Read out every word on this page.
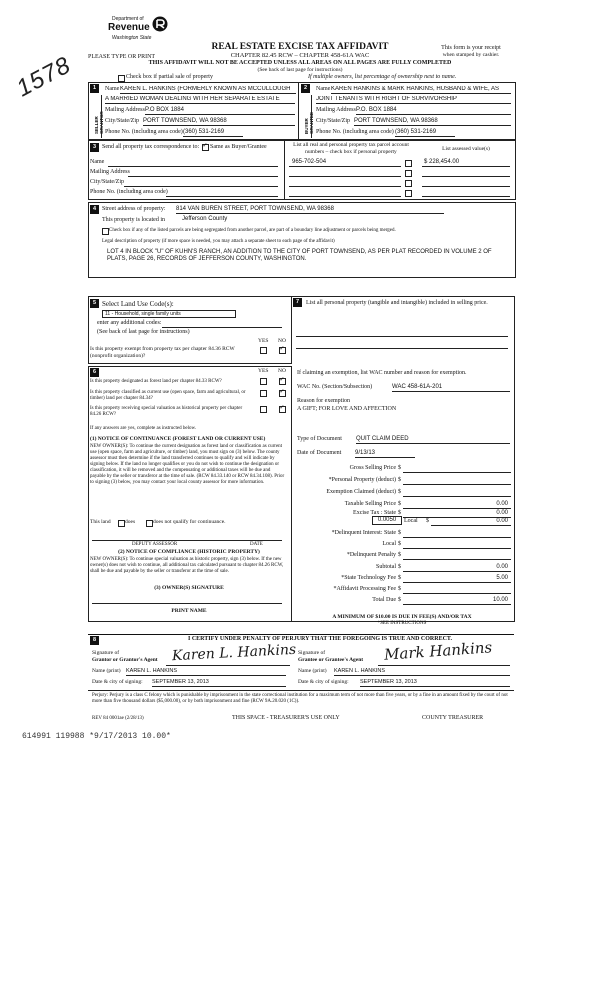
1578
Department of
Revenue
Washington State
REAL ESTATE EXCISE TAX AFFIDAVIT
CHAPTER 82.45 RCW – CHAPTER 458-61A WAC
THIS AFFIDAVIT WILL NOT BE ACCEPTED UNLESS ALL AREAS ON ALL PAGES ARE FULLY COMPLETED
(See back of last page for instructions)
This form is your receipt
when stamped by cashier.
PLEASE TYPE OR PRINT
Check box if partial sale of property	If multiple owners, list percentage of ownership next to name.
1
SELLER GRANTOR
Name KAREN L. HANKINS (FORMERLY KNOWN AS MCCULLOUGH
A MARRIED WOMAN DEALING WITH HER SEPARATE ESTATE
Mailing Address P.O BOX 1884
City/State/Zip PORT TOWNSEND, WA 98368
Phone No. (including area code) (360) 531-2169
2
BUYER GRANTEE
Name KAREN HANKINS & MARK HANKINS, HUSBAND & WIFE, AS
JOINT TENANTS WITH RIGHT OF SURVIVORSHIP
Mailing Address P.O. BOX 1884
City/State/Zip PORT TOWNSEND, WA 98368
Phone No. (including area code) (360) 531-2169
3 Send all property tax correspondence to:
✓ Same as Buyer/Grantee
Name
Mailing Address
City/State/Zip
Phone No. (including area code)
List all real and personal property tax parcel account numbers – check box if personal property	List assessed value(s)
965-702-504	$ 228,454.00
4 Street address of property: 814 VAN BUREN STREET, PORT TOWNSEND, WA 98368
This property is located in	Jefferson County
Check box if any of the listed parcels are being segregated from another parcel, are part of a boundary line adjustment or parcels being merged.
Legal description of property (if more space is needed, you may attach a separate sheet to each page of the affidavit)
LOT 4 IN BLOCK "U" OF KUHN'S RANCH, AN ADDITION TO THE CITY OF PORT TOWNSEND, AS PER PLAT RECORDED IN VOLUME 2 OF PLATS, PAGE 26, RECORDS OF JEFFERSON COUNTY, WASHINGTON.
5 Select Land Use Code(s):
11 - Household, single family units
enter any additional codes:
(See back of last page for instructions)
YES NO
Is this property exempt from property tax per chapter 84.36 RCW (nonprofit organization)?
✓
6	YES NO
Is this property designated as forest land per chapter 84.33 RCW?
✓
Is this property classified as current use (open space, farm and agricultural, or timber) land per chapter 84.34?
✓
Is this property receiving special valuation as historical property per chapter 84.26 RCW?
✓
If any answers are yes, complete as instructed below.
(1) NOTICE OF CONTINUANCE (FOREST LAND OR CURRENT USE)
NEW OWNER(S): To continue the current designation as forest land or classification as current use (open space, farm and agriculture, or timber) land, you must sign on (3) below. The county assessor must then determine if the land transferred continues to qualify and will indicate by signing below. If the land no longer qualifies or you do not wish to continue the designation or classification, it will be removed and the compensating or additional taxes will be due and payable by the seller or transferor at the time of sale. (RCW 84.33.140 or RCW 84.34.108). Prior to signing (3) below, you may contact your local county assessor for more information.
This land	does	does not qualify for continuance.
DEPUTY ASSESSOR	DATE
(2) NOTICE OF COMPLIANCE (HISTORIC PROPERTY)
NEW OWNER(S): To continue special valuation as historic property, sign (3) below. If the new owner(s) does not wish to continue, all additional tax calculated pursuant to chapter 84.26 RCW, shall be due and payable by the seller or transferor at the time of sale.
(3) OWNER(S) SIGNATURE
PRINT NAME
7	List all personal property (tangible and intangible) included in selling price.
If claiming an exemption, list WAC number and reason for exemption.
WAC No. (Section/Subsection)	WAC 458-61A-201
Reason for exemption
A GIFT; FOR LOVE AND AFFECTION
Type of Document QUIT CLAIM DEED
Date of Document 9/13/13
Gross Selling Price $
*Personal Property (deduct) $
Exemption Claimed (deduct) $
Taxable Selling Price $	0.00
Excise Tax : State $	0.00
Local	$	0.00
*Delinquent Interest: State $
Local $
*Delinquent Penalty $
Subtotal $	0.00
*State Technology Fee $	5.00
*Affidavit Processing Fee $
Total Due $	10.00
0.0050
A MINIMUM OF $10.00 IS DUE IN FEE(S) AND/OR TAX
*SEE INSTRUCTIONS
8	I CERTIFY UNDER PENALTY OF PERJURY THAT THE FOREGOING IS TRUE AND CORRECT.
Signature of
Grantor or Grantor's Agent Karen L. Hankins
Name (print) KAREN L. HANKINS
Date & city of signing: SEPTEMBER 13, 2013
Signature of
Grantee or Grantee's Agent Mark Hankins
Name (print) KAREN L. HANKINS
Date & city of signing: SEPTEMBER 13, 2013
Perjury: Perjury is a class C felony which is punishable by imprisonment in the state correctional institution for a maximum term of not more than five years, or by a fine in an amount fixed by the court of not more than five thousand dollars ($5,000.00), or by both imprisonment and fine (RCW 9A.20.020 (1C)).
REV 84 0001ae (2/28/13)	THIS SPACE - TREASURER'S USE ONLY	COUNTY TREASURER
614991 119988 *9/17/2013 10.00*
